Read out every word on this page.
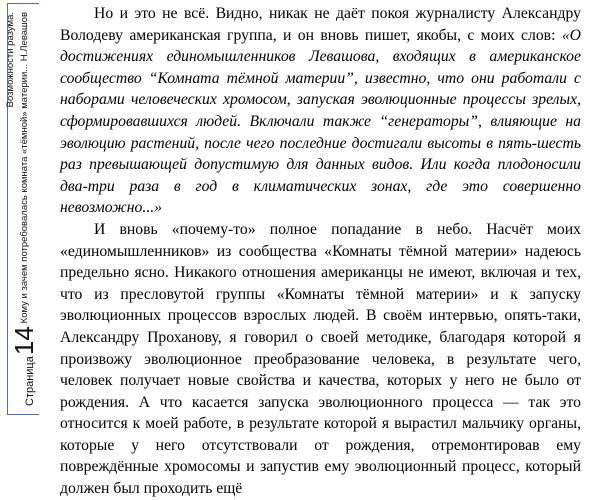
Страница14
Возможности разума. Кому и зачем потребовалась комната «тёмной» материи... Н.Левашов	Но и это не всё. Видно, никак не даёт покоя журналисту Александру Володеву американская группа, и он вновь пишет, якобы, с моих слов: «О достижениях единомышленников Левашова, входящих в американское сообщество “Комната тёмной материи”, известно, что они работали с наборами человеческих хромосом, запуская эволюционные процессы зрелых, сформировавшихся людей. Включали также “генераторы”, влияющие на эволюцию растений, после чего последние достигали высоты в пять-шесть раз превышающей допустимую для данных видов. Или когда плодоносили два-три раза в год в климатических зонах, где это совершенно невозможно...»

И вновь «почему-то» полное попадание в небо. Насчёт моих «единомышленников» из сообщества «Комнаты тёмной материи» надеюсь предельно ясно. Никакого отношения американцы не имеют, включая и тех, что из пресловутой группы «Комнаты тёмной материи» и к запуску эволюционных процессов взрослых людей. В своём интервью, опять-таки, Александру Проханову, я говорил о своей методике, благодаря которой я произвожу эволюционное преобразование человека, в результате чего, человек получает новые свойства и качества, которых у него не было от рождения. А что касается запуска эволюционного процесса — так это относится к моей работе, в результате которой я вырастил мальчику органы, которые у него отсутствовали от рождения, отремонтировав ему повреждённые хромосомы и запустив ему эволюционный процесс, который должен был проходить ещё
